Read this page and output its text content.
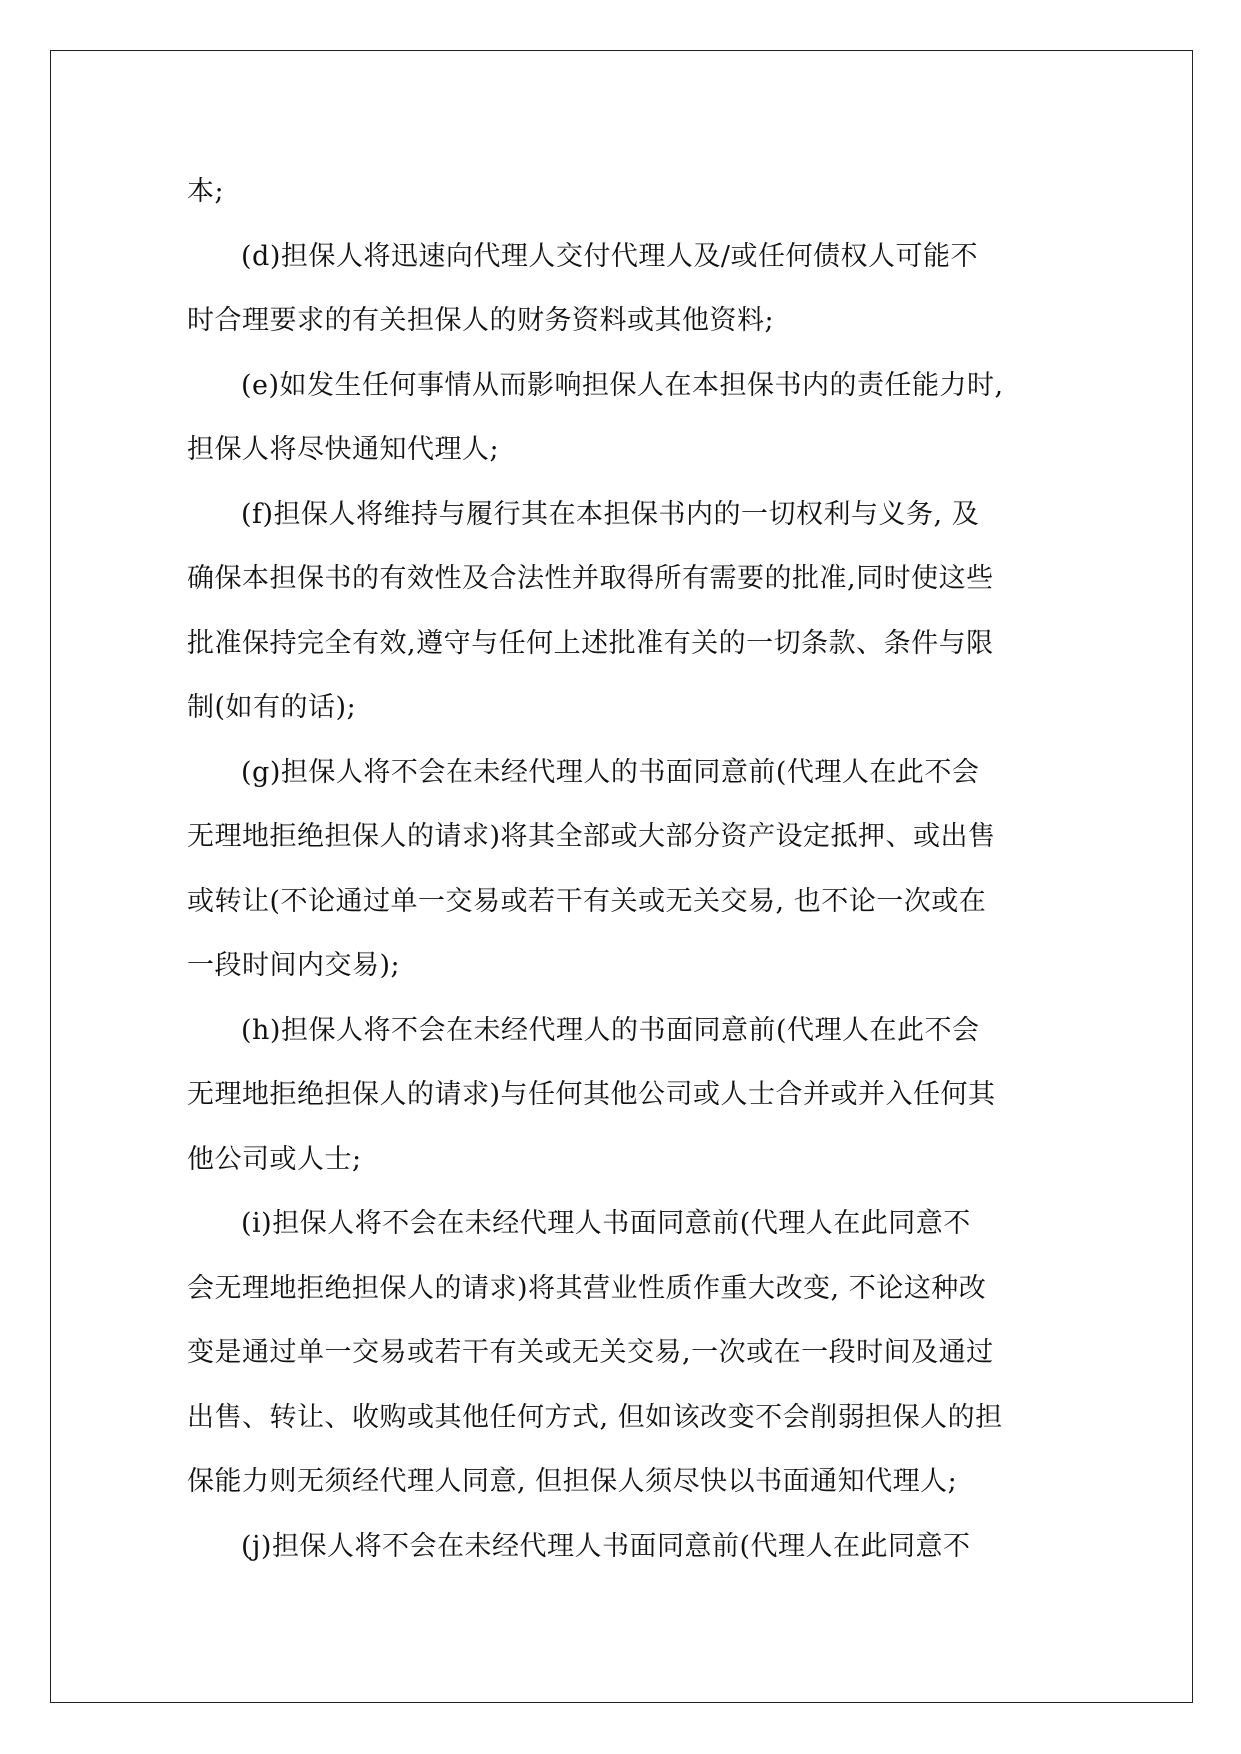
本;
(d)担保人将迅速向代理人交付代理人及/或任何债权人可能不
时合理要求的有关担保人的财务资料或其他资料;
(e)如发生任何事情从而影响担保人在本担保书内的责任能力时,
担保人将尽快通知代理人;
(f)担保人将维持与履行其在本担保书内的一切权利与义务, 及
确保本担保书的有效性及合法性并取得所有需要的批准,同时使这些
批准保持完全有效,遵守与任何上述批准有关的一切条款、条件与限
制(如有的话);
(g)担保人将不会在未经代理人的书面同意前(代理人在此不会
无理地拒绝担保人的请求)将其全部或大部分资产设定抵押、或出售
或转让(不论通过单一交易或若干有关或无关交易, 也不论一次或在
一段时间内交易);
(h)担保人将不会在未经代理人的书面同意前(代理人在此不会
无理地拒绝担保人的请求)与任何其他公司或人士合并或并入任何其
他公司或人士;
(i)担保人将不会在未经代理人书面同意前(代理人在此同意不
会无理地拒绝担保人的请求)将其营业性质作重大改变, 不论这种改
变是通过单一交易或若干有关或无关交易,一次或在一段时间及通过
出售、转让、收购或其他任何方式, 但如该改变不会削弱担保人的担
保能力则无须经代理人同意, 但担保人须尽快以书面通知代理人;
(j)担保人将不会在未经代理人书面同意前(代理人在此同意不
